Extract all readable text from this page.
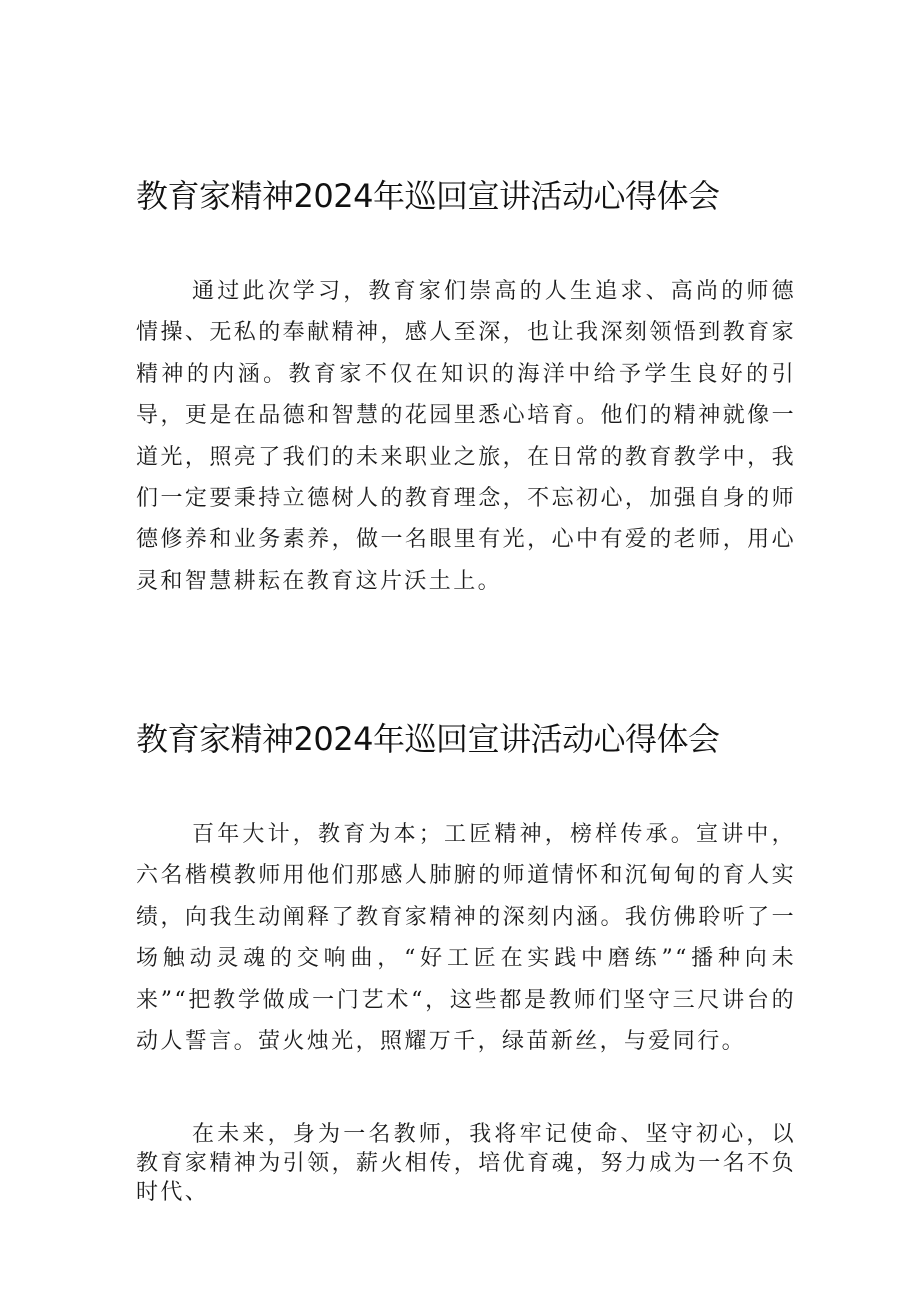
教育家精神2024年巡回宣讲活动心得体会

通过此次学习，教育家们崇高的人生追求、高尚的师德情操、无私的奉献精神，感人至深，也让我深刻领悟到教育家精神的内涵。教育家不仅在知识的海洋中给予学生良好的引导，更是在品德和智慧的花园里悉心培育。他们的精神就像一道光，照亮了我们的未来职业之旅，在日常的教育教学中，我们一定要秉持立德树人的教育理念，不忘初心，加强自身的师德修养和业务素养，做一名眼里有光，心中有爱的老师，用心灵和智慧耕耘在教育这片沃土上。

教育家精神2024年巡回宣讲活动心得体会

百年大计，教育为本；工匠精神，榜样传承。宣讲中，六名楷模教师用他们那感人肺腑的师道情怀和沉甸甸的育人实绩，向我生动阐释了教育家精神的深刻内涵。我仿佛聆听了一场触动灵魂的交响曲，“好工匠在实践中磨练”“播种向未来”“把教学做成一门艺术“，这些都是教师们坚守三尺讲台的动人誓言。萤火烛光，照耀万千，绿苗新丝，与爱同行。

在未来，身为一名教师，我将牢记使命、坚守初心，以教育家精神为引领，薪火相传，培优育魂，努力成为一名不负时代、
